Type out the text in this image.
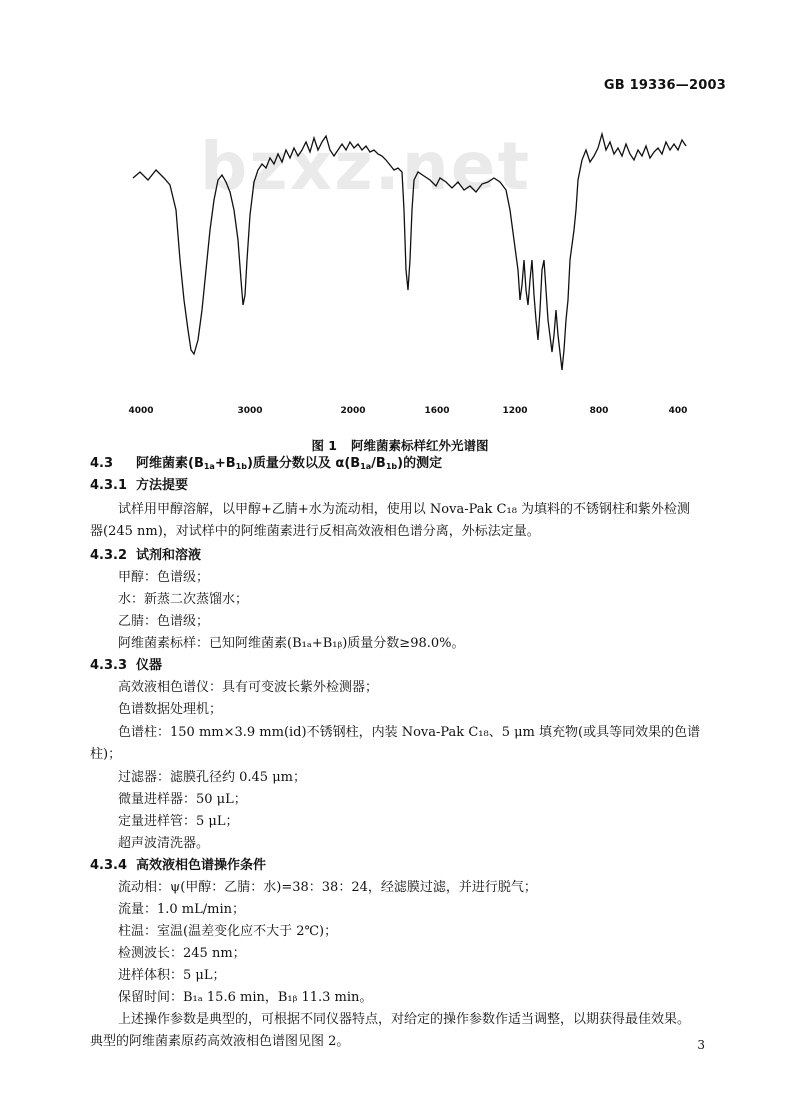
GB 19336—2003
bzxz.net
4000	3000	2000	1600	1200	800	400
图 1 阿维菌素标样红外光谱图
4.3 阿维菌素$(B_{1a}+B_{1b})$质量分数以及 $\alpha(B_{1a}/B_{1b})$的测定
4.3.1 方法提要
试样用甲醇溶解，以甲醇+乙腈+水为流动相，使用以 Nova-Pak C₁₈ 为填料的不锈钢柱和紫外检测
器(245 nm)，对试样中的阿维菌素进行反相高效液相色谱分离，外标法定量。
4.3.2 试剂和溶液
甲醇：色谱级；
水：新蒸二次蒸馏水；
乙腈：色谱级；
阿维菌素标样：已知阿维菌素(B₁ₐ+B₁ᵦ)质量分数≥98.0%。
4.3.3 仪器
高效液相色谱仪：具有可变波长紫外检测器；
色谱数据处理机；
色谱柱：150 mm×3.9 mm(id)不锈钢柱，内装 Nova-Pak C₁₈、5 μm 填充物(或具等同效果的色谱
柱)；
过滤器：滤膜孔径约 0.45 μm；
微量进样器：50 μL；
定量进样管：5 μL；
超声波清洗器。
4.3.4 高效液相色谱操作条件
流动相：ψ(甲醇：乙腈：水)=38：38：24，经滤膜过滤，并进行脱气；
流量：1.0 mL/min；
柱温：室温(温差变化应不大于 2℃)；
检测波长：245 nm；
进样体积：5 μL；
保留时间：B₁ₐ 15.6 min，B₁ᵦ 11.3 min。
上述操作参数是典型的，可根据不同仪器特点，对给定的操作参数作适当调整，以期获得最佳效果。
典型的阿维菌素原药高效液相色谱图见图 2。	3
